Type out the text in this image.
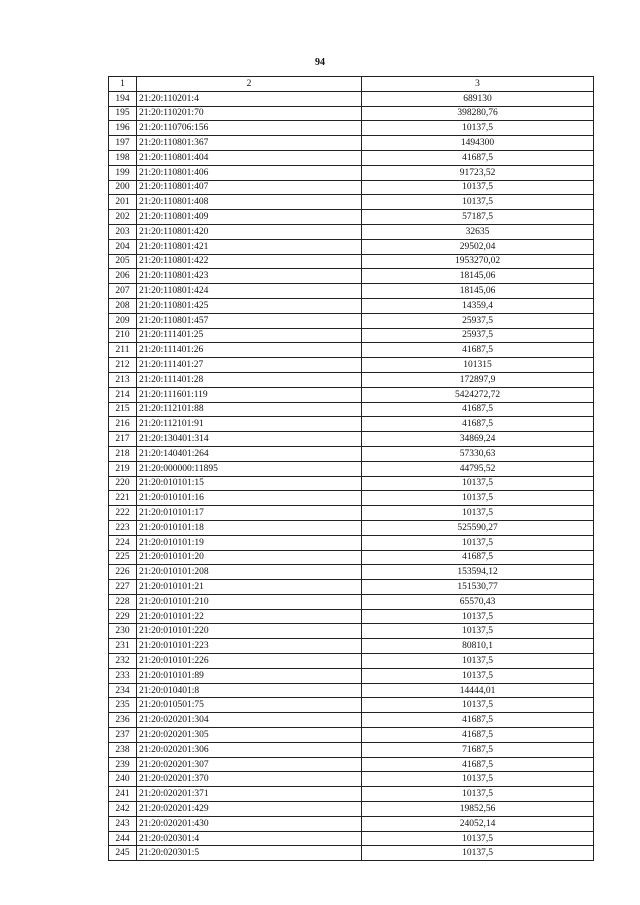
94
1	2	3
194	21:20:110201:4	689130
195	21:20:110201:70	398280,76
196	21:20:110706:156	10137,5
197	21:20:110801:367	1494300
198	21:20:110801:404	41687,5
199	21:20:110801:406	91723,52
200	21:20:110801:407	10137,5
201	21:20:110801:408	10137,5
202	21:20:110801:409	57187,5
203	21:20:110801:420	32635
204	21:20:110801:421	29502,04
205	21:20:110801:422	1953270,02
206	21:20:110801:423	18145,06
207	21:20:110801:424	18145,06
208	21:20:110801:425	14359,4
209	21:20:110801:457	25937,5
210	21:20:111401:25	25937,5
211	21:20:111401:26	41687,5
212	21:20:111401:27	101315
213	21:20:111401:28	172897,9
214	21:20:111601:119	5424272,72
215	21:20:112101:88	41687,5
216	21:20:112101:91	41687,5
217	21:20:130401:314	34869,24
218	21:20:140401:264	57330,63
219	21:20:000000:11895	44795,52
220	21:20:010101:15	10137,5
221	21:20:010101:16	10137,5
222	21:20:010101:17	10137,5
223	21:20:010101:18	525590,27
224	21:20:010101:19	10137,5
225	21:20:010101:20	41687,5
226	21:20:010101:208	153594,12
227	21:20:010101:21	151530,77
228	21:20:010101:210	65570,43
229	21:20:010101:22	10137,5
230	21:20:010101:220	10137,5
231	21:20:010101:223	80810,1
232	21:20:010101:226	10137,5
233	21:20:010101:89	10137,5
234	21:20:010401:8	14444,01
235	21:20:010501:75	10137,5
236	21:20:020201:304	41687,5
237	21:20:020201:305	41687,5
238	21:20:020201:306	71687,5
239	21:20:020201:307	41687,5
240	21:20:020201:370	10137,5
241	21:20:020201:371	10137,5
242	21:20:020201:429	19852,56
243	21:20:020201:430	24052,14
244	21:20:020301:4	10137,5
245	21:20:020301:5	10137,5
